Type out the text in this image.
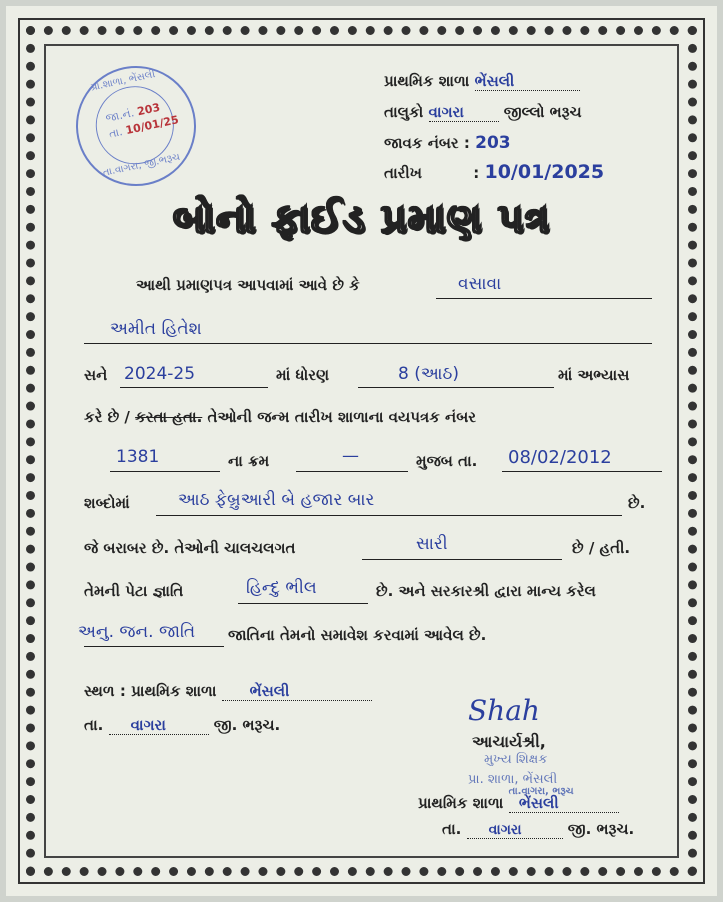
પ્રા.શાળા, ભેંસલી
જા.નં. 203
તા. 10/01/25
તા.વાગરા, જી.ભરૂચ
પ્રાથમિક શાળા ભેંસલી
તાલુકો વાગરા	જીલ્લો ભરૂચ
જાવક નંબર : 203
તારીખ	: 10/01/2025
બોનો ફાઈડ પ્રમાણ પત્ર
આથી પ્રમાણપત્ર આપવામાં આવે છે કે	વસાવા
અમીત હિતેશ
સને 2024-25	માં ધોરણ	8 (આઠ)	માં અભ્યાસ
કરે છે / કરતા હતા. તેઓની જન્મ તારીખ શાળાના વયપત્રક નંબર
1381	ના ક્રમ	—	મુજબ તા. 08/02/2012
શબ્દોમાં	આઠ ફેબ્રુઆરી બે હજાર બાર	છે.
જે બરાબર છે. તેઓની ચાલચલગત	સારી	છે / હતી.
તેમની પેટા જ્ઞાતિ	હિન્દુ ભીલ	છે. અને સરકારશ્રી દ્વારા માન્ય કરેલ
અનુ. જન. જાતિ જાતિના તેમનો સમાવેશ કરવામાં આવેલ છે.
સ્થળ : પ્રાથમિક શાળા ભેંસલી
તા. વાગરા	જી. ભરૂચ.	Shah
આચાર્યશ્રી,
મુખ્ય શિક્ષક
પ્રા. શાળા, ભેંસલી
પ્રાથમિક શાળા $^{તા.વાગરા, ભરૂચ}$ ભેંસલી
તા. વાગરા	જી. ભરૂચ.
